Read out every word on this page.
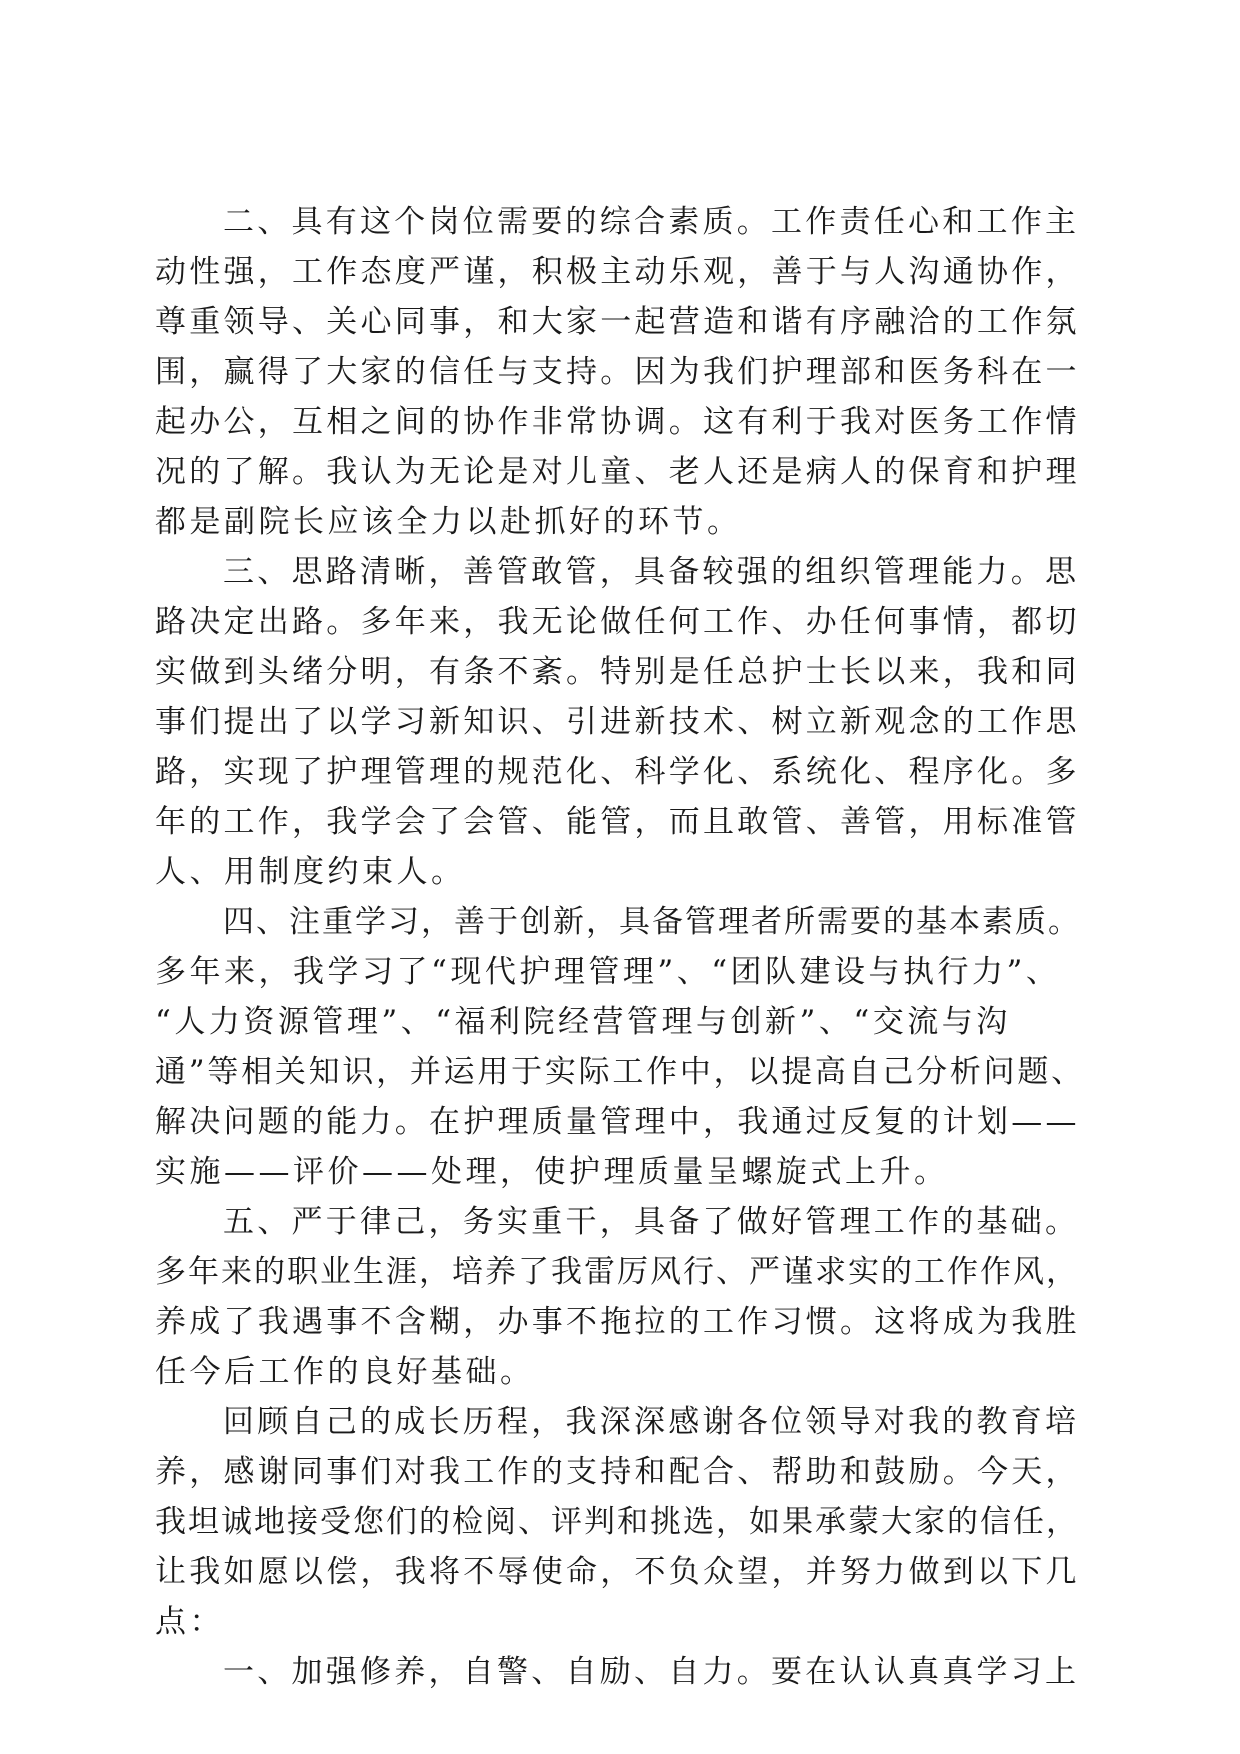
二、具有这个岗位需要的综合素质。工作责任心和工作主
动性强，工作态度严谨，积极主动乐观，善于与人沟通协作，
尊重领导、关心同事，和大家一起营造和谐有序融洽的工作氛
围，赢得了大家的信任与支持。因为我们护理部和医务科在一
起办公，互相之间的协作非常协调。这有利于我对医务工作情
况的了解。我认为无论是对儿童、老人还是病人的保育和护理
都是副院长应该全力以赴抓好的环节。
三、思路清晰，善管敢管，具备较强的组织管理能力。思
路决定出路。多年来，我无论做任何工作、办任何事情，都切
实做到头绪分明，有条不紊。特别是任总护士长以来，我和同
事们提出了以学习新知识、引进新技术、树立新观念的工作思
路，实现了护理管理的规范化、科学化、系统化、程序化。多
年的工作，我学会了会管、能管，而且敢管、善管，用标准管
人、用制度约束人。
四、注重学习，善于创新，具备管理者所需要的基本素质。
多年来，我学习了“现代护理管理”、“团队建设与执行力”、
“人力资源管理”、“福利院经营管理与创新”、“交流与沟
通”等相关知识，并运用于实际工作中，以提高自己分析问题、
解决问题的能力。在护理质量管理中，我通过反复的计划——
实施——评价——处理，使护理质量呈螺旋式上升。
五、严于律己，务实重干，具备了做好管理工作的基础。
多年来的职业生涯，培养了我雷厉风行、严谨求实的工作作风，
养成了我遇事不含糊，办事不拖拉的工作习惯。这将成为我胜
任今后工作的良好基础。
回顾自己的成长历程，我深深感谢各位领导对我的教育培
养，感谢同事们对我工作的支持和配合、帮助和鼓励。今天，
我坦诚地接受您们的检阅、评判和挑选，如果承蒙大家的信任，
让我如愿以偿，我将不辱使命，不负众望，并努力做到以下几
点：
一、加强修养，自警、自励、自力。要在认认真真学习上
